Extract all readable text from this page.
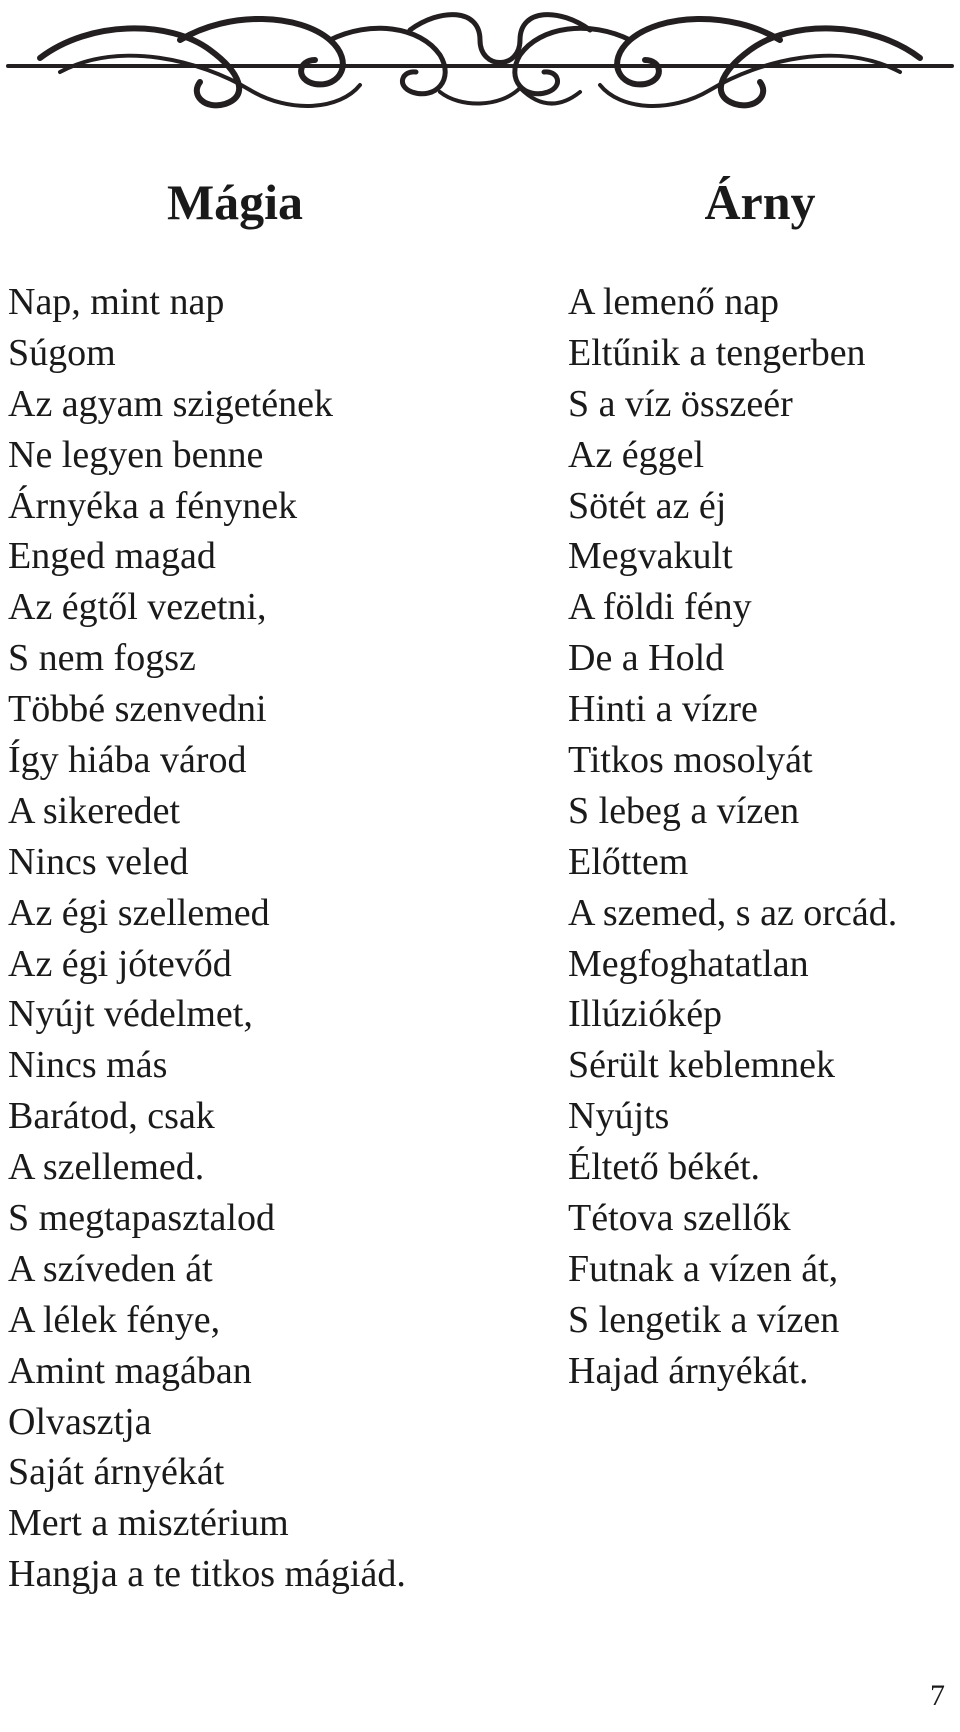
Mágia	Árny
Nap, mint nap
Súgom
Az agyam szigetének
Ne legyen benne
Árnyéka a fénynek
Enged magad
Az égtől vezetni,
S nem fogsz
Többé szenvedni
Így hiába várod
A sikeredet
Nincs veled
Az égi szellemed
Az égi jótevőd
Nyújt védelmet,
Nincs más
Barátod, csak
A szellemed.
S megtapasztalod
A szíveden át
A lélek fénye,
Amint magában
Olvasztja
Saját árnyékát
Mert a misztérium
Hangja a te titkos mágiád.
A lemenő nap
Eltűnik a tengerben
S a víz összeér
Az éggel
Sötét az éj
Megvakult
A földi fény
De a Hold
Hinti a vízre
Titkos mosolyát
S lebeg a vízen
Előttem
A szemed, s az orcád.
Megfoghatatlan
Illúziókép
Sérült keblemnek
Nyújts
Éltető békét.
Tétova szellők
Futnak a vízen át,
S lengetik a vízen
Hajad árnyékát.
7
